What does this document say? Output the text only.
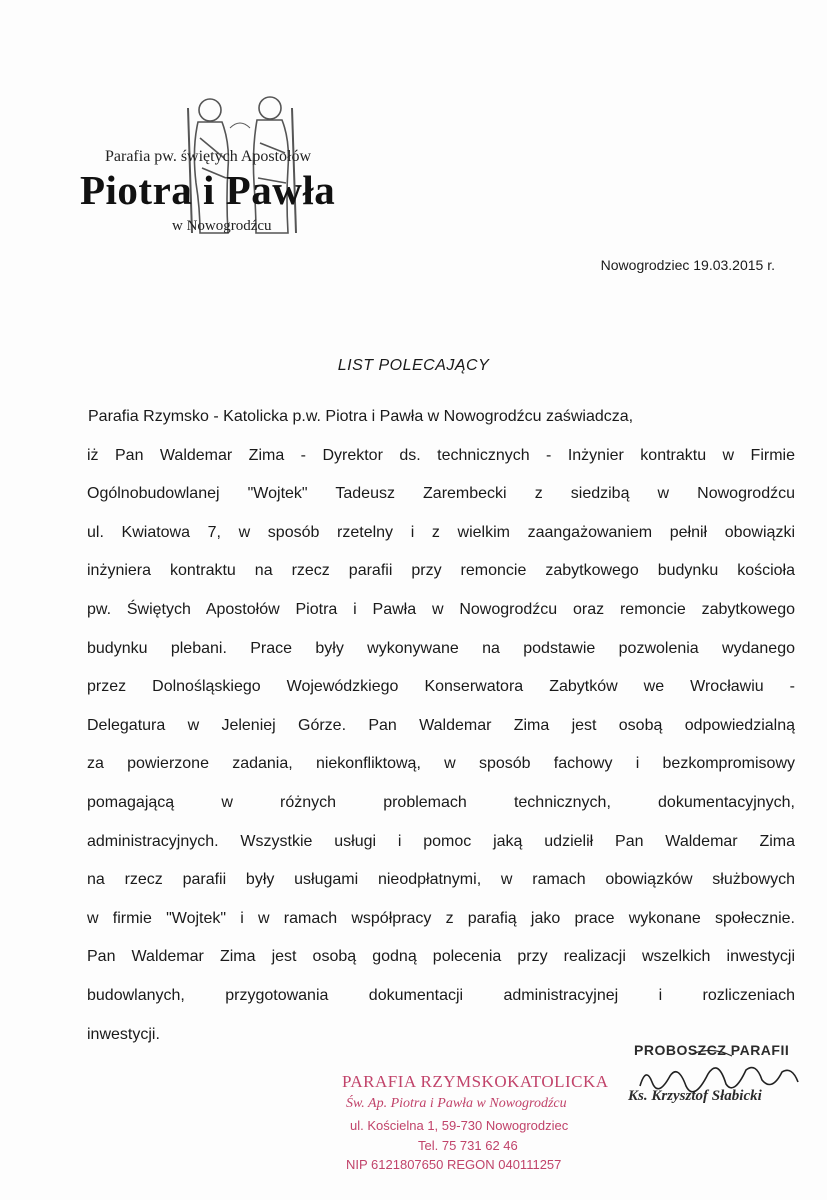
Parafia pw. świętych Apostołów
Piotra i Pawła
w Nowogrodźcu
Nowogrodziec 19.03.2015 r.
LIST POLECAJĄCY
Parafia Rzymsko - Katolicka p.w. Piotra i Pawła w Nowogrodźcu zaświadcza,
iż Pan Waldemar Zima - Dyrektor ds. technicznych - Inżynier kontraktu w Firmie
Ogólnobudowlanej "Wojtek" Tadeusz Zarembecki z siedzibą w Nowogrodźcu
ul. Kwiatowa 7, w sposób rzetelny i z wielkim zaangażowaniem pełnił obowiązki
inżyniera kontraktu na rzecz parafii przy remoncie zabytkowego budynku kościoła
pw. Świętych Apostołów Piotra i Pawła w Nowogrodźcu oraz remoncie zabytkowego
budynku plebani. Prace były wykonywane na podstawie pozwolenia wydanego
przez Dolnośląskiego Wojewódzkiego Konserwatora Zabytków we Wrocławiu -
Delegatura w Jeleniej Górze. Pan Waldemar Zima jest osobą odpowiedzialną
za powierzone zadania, niekonfliktową, w sposób fachowy i bezkompromisowy
pomagającą w różnych problemach technicznych, dokumentacyjnych,
administracyjnych. Wszystkie usługi i pomoc jaką udzielił Pan Waldemar Zima
na rzecz parafii były usługami nieodpłatnymi, w ramach obowiązków służbowych
w firmie "Wojtek" i w ramach współpracy z parafią jako prace wykonane społecznie.
Pan Waldemar Zima jest osobą godną polecenia przy realizacji wszelkich inwestycji
budowlanych, przygotowania dokumentacji administracyjnej i rozliczeniach
inwestycji.
PARAFIA RZYMSKOKATOLICKA
Św. Ap. Piotra i Pawła w Nowogrodźcu
ul. Kościelna 1, 59-730 Nowogrodziec
Tel. 75 731 62 46
NIP 6121807650 REGON 040111257
PROBOSZCZ PARAFII
Ks. Krzysztof Słabicki
